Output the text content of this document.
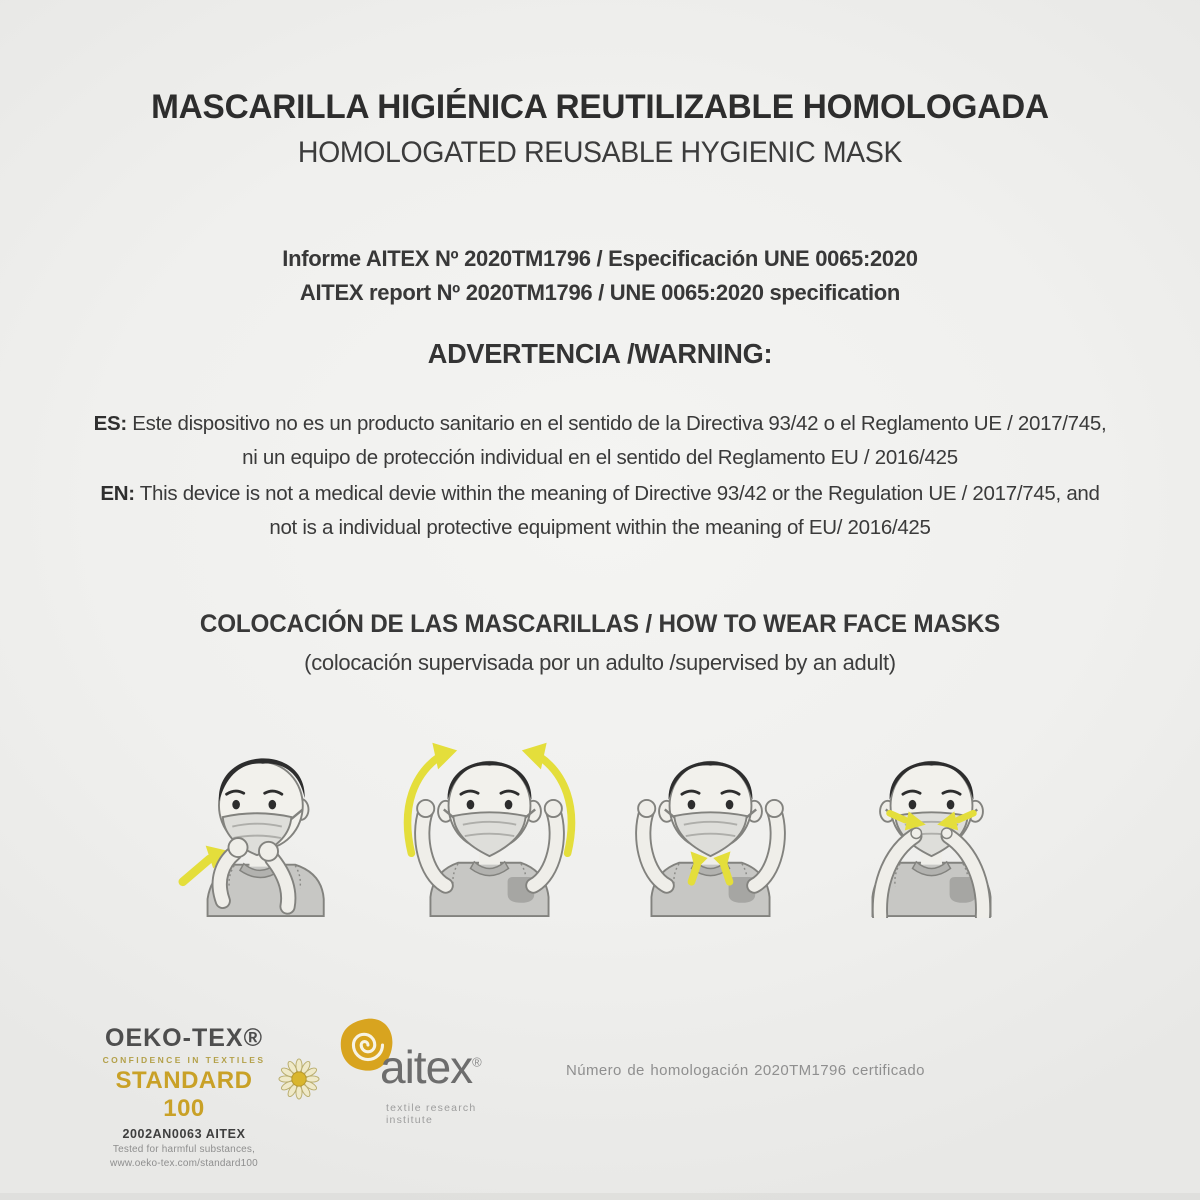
MASCARILLA HIGIÉNICA REUTILIZABLE HOMOLOGADA
HOMOLOGATED REUSABLE HYGIENIC MASK
Informe AITEX Nº 2020TM1796 / Especificación UNE 0065:2020
AITEX report Nº 2020TM1796 / UNE 0065:2020 specification
ADVERTENCIA /WARNING:

ES: Este dispositivo no es un producto sanitario en el sentido de la Directiva 93/42 o el Reglamento UE / 2017/745, ni un equipo de protección individual en el sentido del Reglamento EU / 2016/425

EN: This device is not a medical devie within the meaning of Directive 93/42 or the Regulation UE / 2017/745, and not is a individual protective equipment within the meaning of EU/ 2016/425

COLOCACIÓN DE LAS MASCARILLAS / HOW TO WEAR FACE MASKS
(colocación supervisada por un adulto /supervised by an adult)
OEKO-TEX®
CONFIDENCE IN TEXTILES
STANDARD 100
2002AN0063 AITEX
Tested for harmful substances,
www.oeko-tex.com/standard100
aitex®
textile research institute
Número de homologación 2020TM1796 certificado
